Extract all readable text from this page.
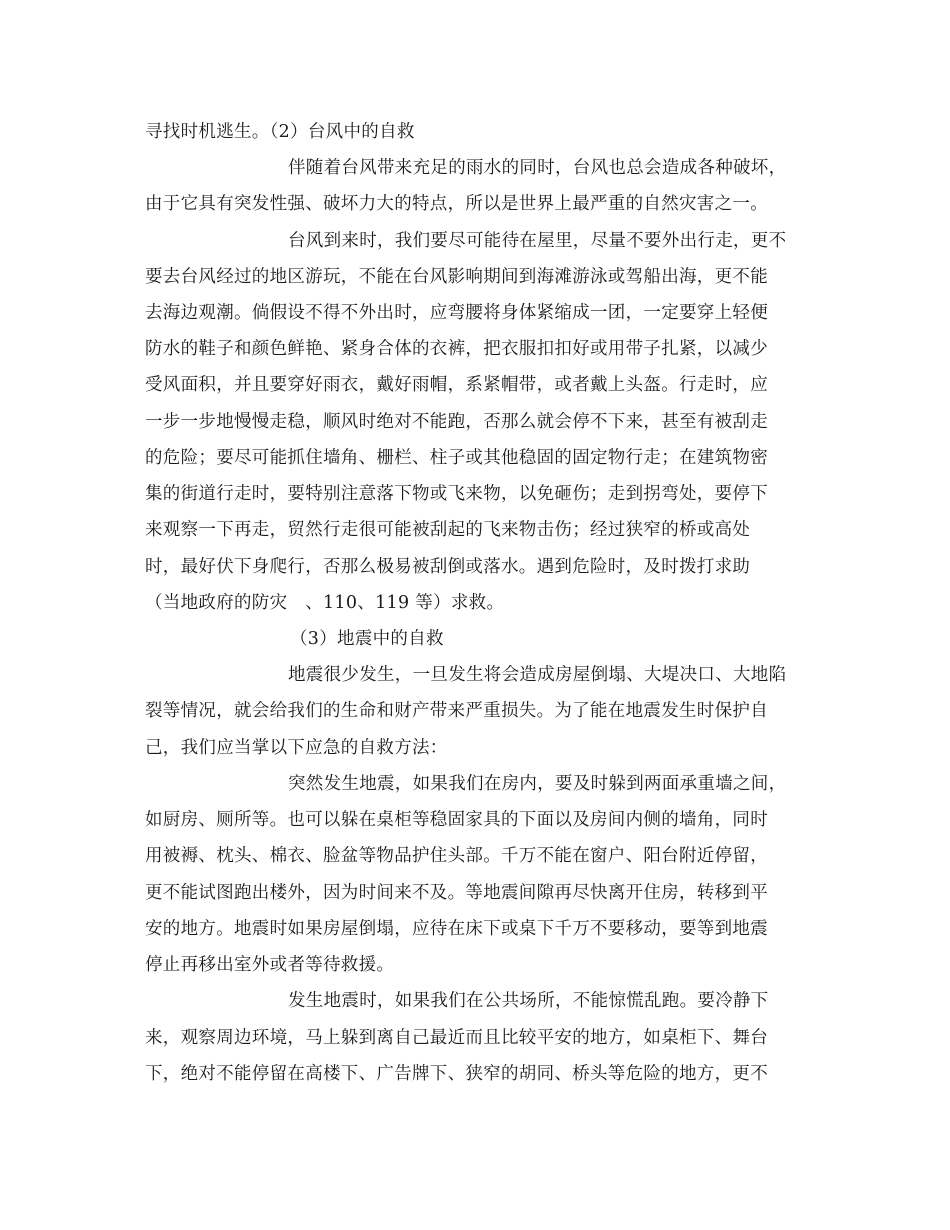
寻找时机逃生。（2）台风中的自救
伴随着台风带来充足的雨水的同时，台风也总会造成各种破坏，
由于它具有突发性强、破坏力大的特点，所以是世界上最严重的自然灾害之一。
台风到来时，我们要尽可能待在屋里，尽量不要外出行走，更不
要去台风经过的地区游玩，不能在台风影响期间到海滩游泳或驾船出海，更不能
去海边观潮。倘假设不得不外出时，应弯腰将身体紧缩成一团，一定要穿上轻便
防水的鞋子和颜色鲜艳、紧身合体的衣裤，把衣服扣扣好或用带子扎紧，以减少
受风面积，并且要穿好雨衣，戴好雨帽，系紧帽带，或者戴上头盔。行走时，应
一步一步地慢慢走稳，顺风时绝对不能跑，否那么就会停不下来，甚至有被刮走
的危险；要尽可能抓住墙角、栅栏、柱子或其他稳固的固定物行走；在建筑物密
集的街道行走时，要特别注意落下物或飞来物，以免砸伤；走到拐弯处，要停下
来观察一下再走，贸然行走很可能被刮起的飞来物击伤；经过狭窄的桥或高处
时，最好伏下身爬行，否那么极易被刮倒或落水。遇到危险时，及时拨打求助
（当地政府的防灾　、110、119 等）求救。
（3）地震中的自救
地震很少发生，一旦发生将会造成房屋倒塌、大堤决口、大地陷
裂等情况，就会给我们的生命和财产带来严重损失。为了能在地震发生时保护自
己，我们应当掌以下应急的自救方法：
突然发生地震，如果我们在房内，要及时躲到两面承重墙之间，
如厨房、厕所等。也可以躲在桌柜等稳固家具的下面以及房间内侧的墙角，同时
用被褥、枕头、棉衣、脸盆等物品护住头部。千万不能在窗户、阳台附近停留，
更不能试图跑出楼外，因为时间来不及。等地震间隙再尽快离开住房，转移到平
安的地方。地震时如果房屋倒塌，应待在床下或桌下千万不要移动，要等到地震
停止再移出室外或者等待救援。
发生地震时，如果我们在公共场所，不能惊慌乱跑。要冷静下
来，观察周边环境，马上躲到离自己最近而且比较平安的地方，如桌柜下、舞台
下，绝对不能停留在高楼下、广告牌下、狭窄的胡同、桥头等危险的地方，更不
